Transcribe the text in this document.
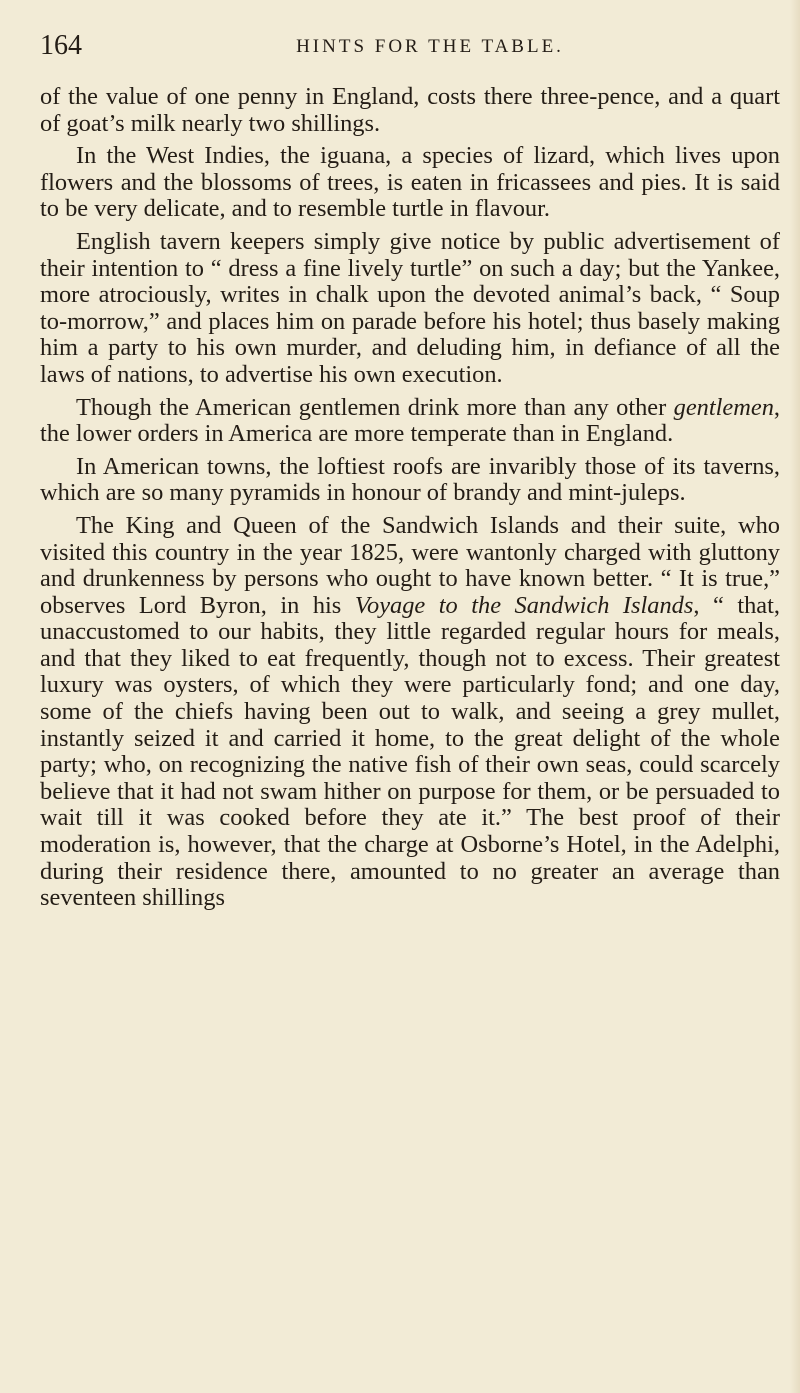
164	HINTS FOR THE TABLE.

of the value of one penny in England, costs there three-pence, and a quart of goat’s milk nearly two shillings.

In the West Indies, the iguana, a species of lizard, which lives upon flowers and the blossoms of trees, is eaten in fricassees and pies. It is said to be very delicate, and to resemble turtle in flavour.

English tavern keepers simply give notice by public advertisement of their intention to “ dress a fine lively turtle” on such a day; but the Yankee, more atrociously, writes in chalk upon the devoted animal’s back, “ Soup to-morrow,” and places him on parade before his hotel; thus basely making him a party to his own murder, and deluding him, in defiance of all the laws of nations, to advertise his own execution.

Though the American gentlemen drink more than any other gentlemen, the lower orders in America are more temperate than in England.

In American towns, the loftiest roofs are invaribly those of its taverns, which are so many pyramids in honour of brandy and mint-juleps.

The King and Queen of the Sandwich Islands and their suite, who visited this country in the year 1825, were wantonly charged with gluttony and drunkenness by persons who ought to have known better. “ It is true,” observes Lord Byron, in his Voyage to the Sandwich Islands, “ that, unaccustomed to our habits, they little regarded regular hours for meals, and that they liked to eat frequently, though not to excess. Their greatest luxury was oysters, of which they were particularly fond; and one day, some of the chiefs having been out to walk, and seeing a grey mullet, instantly seized it and carried it home, to the great delight of the whole party; who, on recognizing the native fish of their own seas, could scarcely believe that it had not swam hither on purpose for them, or be persuaded to wait till it was cooked before they ate it.” The best proof of their moderation is, however, that the charge at Osborne’s Hotel, in the Adelphi, during their residence there, amounted to no greater an average than seventeen shillings
